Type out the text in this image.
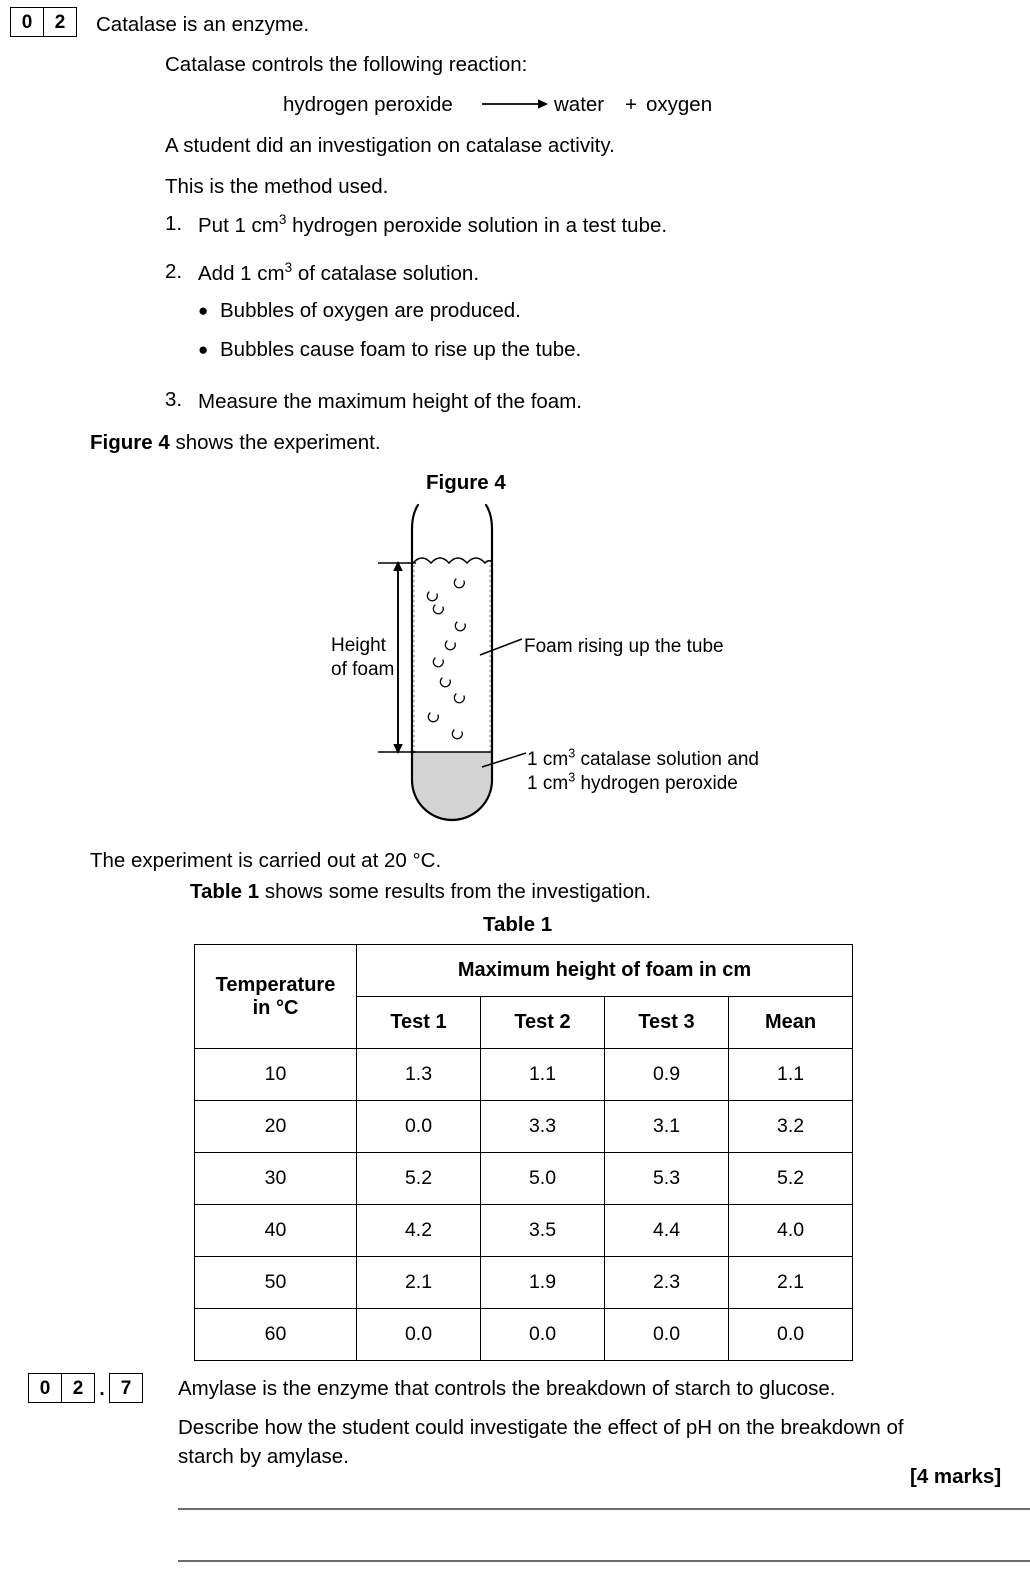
0	2	Catalase is an enzyme.
Catalase controls the following reaction:
hydrogen peroxide	water + oxygen
A student did an investigation on catalase activity.
This is the method used.
1. Put 1 $cm^3$ hydrogen peroxide solution in a test tube.
2. Add 1 $cm^3$ of catalase solution.
● Bubbles of oxygen are produced.
● Bubbles cause foam to rise up the tube.
3. Measure the maximum height of the foam.
Figure 4 shows the experiment.
Figure 4
Height
of foam
Foam rising up the tube
1 $cm^3$ catalase solution and
1 $cm^3$ hydrogen peroxide
The experiment is carried out at 20 °C.
Table 1 shows some results from the investigation.
Table 1
Temperature
in °C	Maximum height of foam in cm			
	Test 1	Test 2	Test 3	Mean
10	1.3	1.1	0.9	1.1
20	0.0	3.3	3.1	3.2
30	5.2	5.0	5.3	5.2
40	4.2	3.5	4.4	4.0
50	2.1	1.9	2.3	2.1
60	0.0	0.0	0.0	0.0
0	2 . 7	Amylase is the enzyme that controls the breakdown of starch to glucose.
Describe how the student could investigate the effect of pH on the breakdown of
starch by amylase.
[4 marks]
